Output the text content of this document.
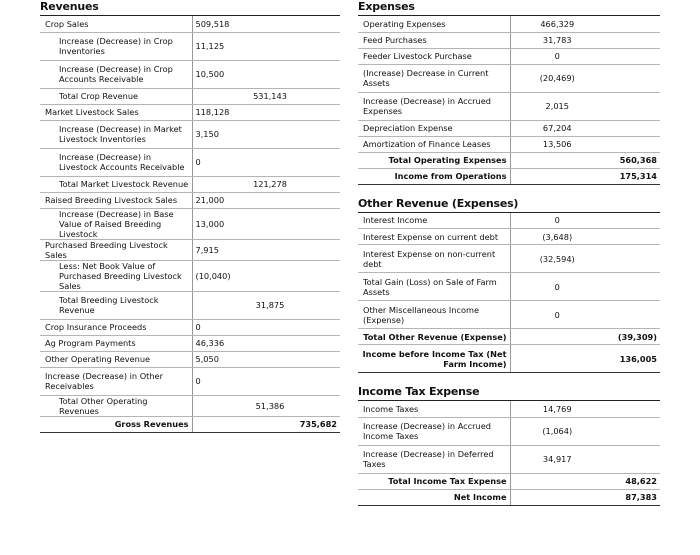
Revenues
Crop Sales	509,518		
Increase (Decrease) in Crop Inventories	11,125		
Increase (Decrease) in Crop Accounts Receivable	10,500		
Total Crop Revenue		531,143	
Market Livestock Sales	118,128		
Increase (Decrease) in Market Livestock Inventories	3,150		
Increase (Decrease) in Livestock Accounts Receivable	0		
Total Market Livestock Revenue		121,278	
Raised Breeding Livestock Sales	21,000		
Increase (Decrease) in Base Value of Raised Breeding Livestock	13,000		
Purchased Breeding Livestock Sales	7,915		
Less: Net Book Value of Purchased Breeding Livestock Sales	(10,040)		
Total Breeding Livestock Revenue		31,875	
Crop Insurance Proceeds	0		
Ag Program Payments	46,336		
Other Operating Revenue	5,050		
Increase (Decrease) in Other Receivables	0		
Total Other Operating Revenues		51,386	
Gross Revenues			735,682
Expenses
Operating Expenses	466,329	
Feed Purchases	31,783	
Feeder Livestock Purchase	0	
(Increase) Decrease in Current Assets	(20,469)	
Increase (Decrease) in Accrued Expenses	2,015	
Depreciation Expense	67,204	
Amortization of Finance Leases	13,506	
Total Operating Expenses		560,368
Income from Operations		175,314
Other Revenue (Expenses)
Interest Income	0	
Interest Expense on current debt	(3,648)	
Interest Expense on non-current debt	(32,594)	
Total Gain (Loss) on Sale of Farm Assets	0	
Other Miscellaneous Income (Expense)	0	
Total Other Revenue (Expense)		(39,309)
Income before Income Tax (Net Farm Income)		136,005
Income Tax Expense
Income Taxes	14,769	
Increase (Decrease) in Accrued Income Taxes	(1,064)	
Increase (Decrease) in Deferred Taxes	34,917	
Total Income Tax Expense		48,622
Net Income		87,383
